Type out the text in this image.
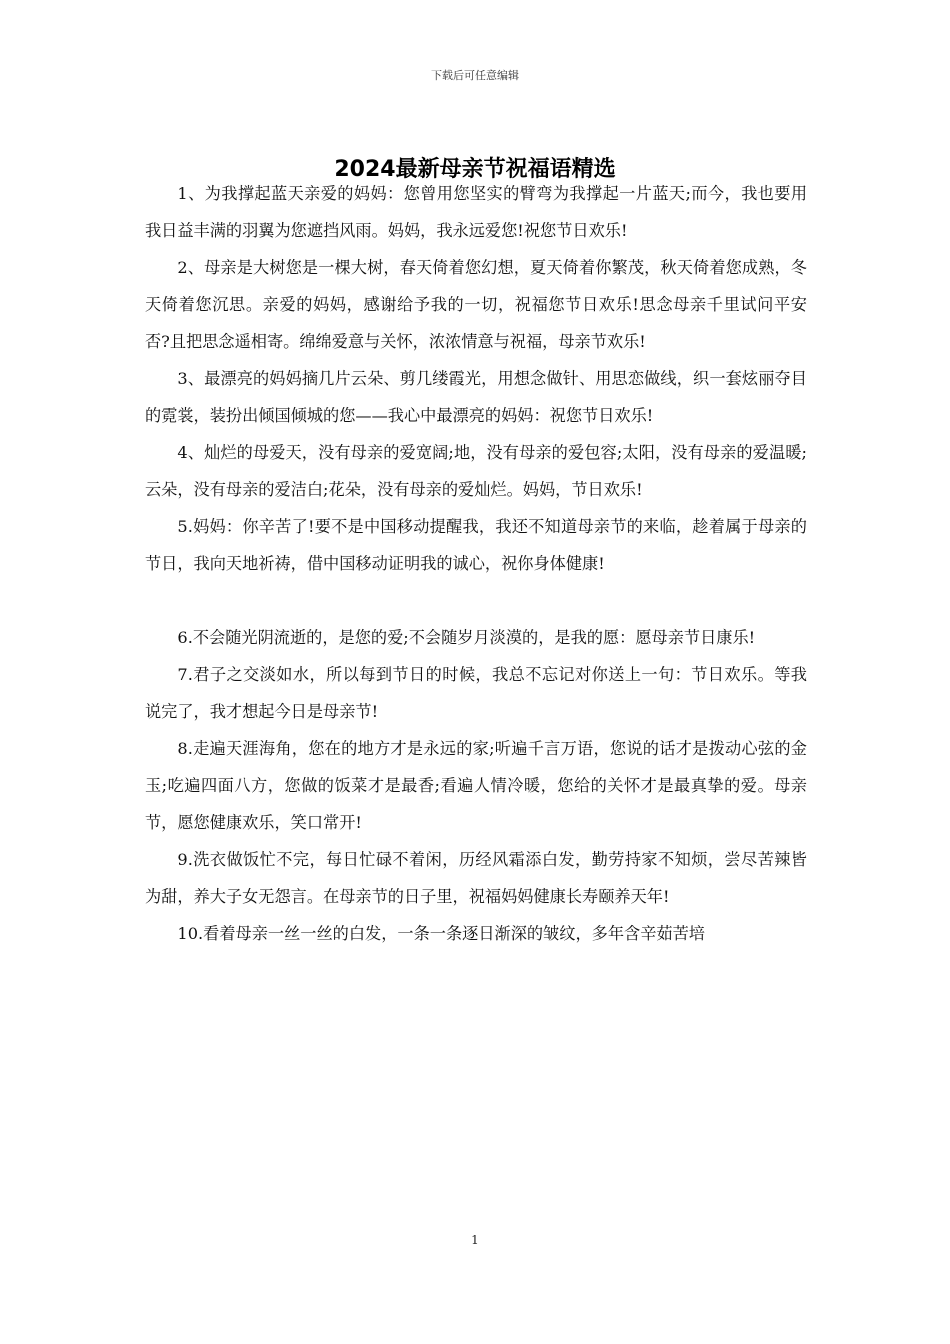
下载后可任意编辑
2024最新母亲节祝福语精选

1、为我撑起蓝天亲爱的妈妈：您曾用您坚实的臂弯为我撑起一片蓝天;而今，我也要用我日益丰满的羽翼为您遮挡风雨。妈妈，我永远爱您!祝您节日欢乐!

2、母亲是大树您是一棵大树，春天倚着您幻想，夏天倚着你繁茂，秋天倚着您成熟，冬天倚着您沉思。亲爱的妈妈，感谢给予我的一切，祝福您节日欢乐!思念母亲千里试问平安否?且把思念遥相寄。绵绵爱意与关怀，浓浓情意与祝福，母亲节欢乐!

3、最漂亮的妈妈摘几片云朵、剪几缕霞光，用想念做针、用思恋做线，织一套炫丽夺目的霓裳，装扮出倾国倾城的您——我心中最漂亮的妈妈：祝您节日欢乐!

4、灿烂的母爱天，没有母亲的爱宽阔;地，没有母亲的爱包容;太阳，没有母亲的爱温暖;云朵，没有母亲的爱洁白;花朵，没有母亲的爱灿烂。妈妈，节日欢乐!

5.妈妈：你辛苦了!要不是中国移动提醒我，我还不知道母亲节的来临，趁着属于母亲的节日，我向天地祈祷，借中国移动证明我的诚心，祝你身体健康!

6.不会随光阴流逝的，是您的爱;不会随岁月淡漠的，是我的愿：愿母亲节日康乐!

7.君子之交淡如水，所以每到节日的时候，我总不忘记对你送上一句：节日欢乐。等我说完了，我才想起今日是母亲节!

8.走遍天涯海角，您在的地方才是永远的家;听遍千言万语，您说的话才是拨动心弦的金玉;吃遍四面八方，您做的饭菜才是最香;看遍人情冷暖，您给的关怀才是最真挚的爱。母亲节，愿您健康欢乐，笑口常开!

9.洗衣做饭忙不完，每日忙碌不着闲，历经风霜添白发，勤劳持家不知烦，尝尽苦辣皆为甜，养大子女无怨言。在母亲节的日子里，祝福妈妈健康长寿颐养天年!

10.看着母亲一丝一丝的白发，一条一条逐日渐深的皱纹，多年含辛茹苦培

1
